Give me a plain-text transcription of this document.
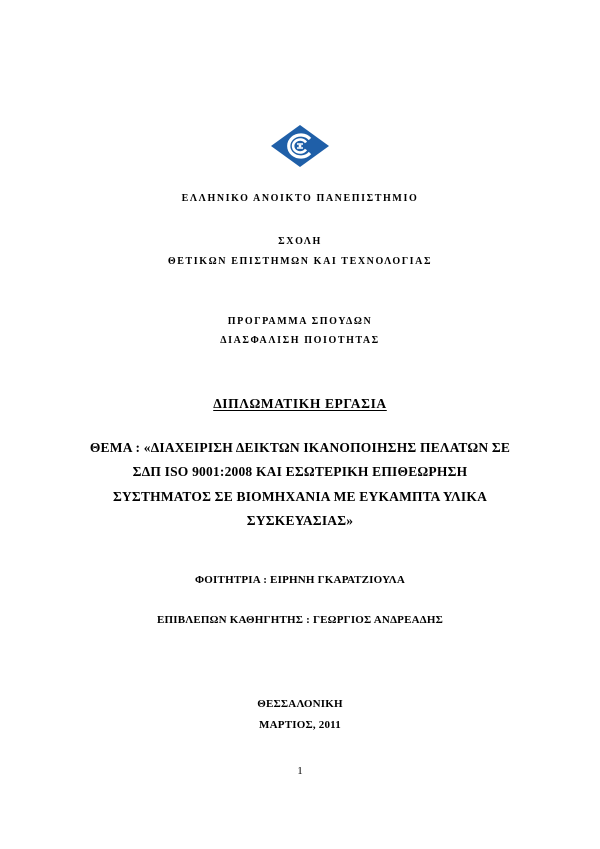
ΕΛΛΗΝΙΚΟ ΑΝΟΙΚΤΟ ΠΑΝΕΠΙΣΤΗΜΙΟ
ΣΧΟΛΗ
ΘΕΤΙΚΩΝ ΕΠΙΣΤΗΜΩΝ ΚΑΙ ΤΕΧΝΟΛΟΓΙΑΣ
ΠΡΟΓΡΑΜΜΑ ΣΠΟΥΔΩΝ
ΔΙΑΣΦΑΛΙΣΗ ΠΟΙΟΤΗΤΑΣ
ΔΙΠΛΩΜΑΤΙΚΗ ΕΡΓΑΣΙΑ
ΘΕΜΑ : «ΔΙΑΧΕΙΡΙΣΗ ΔΕΙΚΤΩΝ ΙΚΑΝΟΠΟΙΗΣΗΣ ΠΕΛΑΤΩΝ ΣΕ
ΣΔΠ ISO 9001:2008 ΚΑΙ ΕΣΩΤΕΡΙΚΗ ΕΠΙΘΕΩΡΗΣΗ
ΣΥΣΤΗΜΑΤΟΣ ΣΕ ΒΙΟΜΗΧΑΝΙΑ ΜΕ ΕΥΚΑΜΠΤΑ ΥΛΙΚΑ
ΣΥΣΚΕΥΑΣΙΑΣ»
ΦΟΙΤΗΤΡΙΑ : ΕΙΡΗΝΗ ΓΚΑΡΑΤΖΙΟΥΛΑ
ΕΠΙΒΛΕΠΩΝ ΚΑΘΗΓΗΤΗΣ : ΓΕΩΡΓΙΟΣ ΑΝΔΡΕΑΔΗΣ
ΘΕΣΣΑΛΟΝΙΚΗ
ΜΑΡΤΙΟΣ, 2011
1
